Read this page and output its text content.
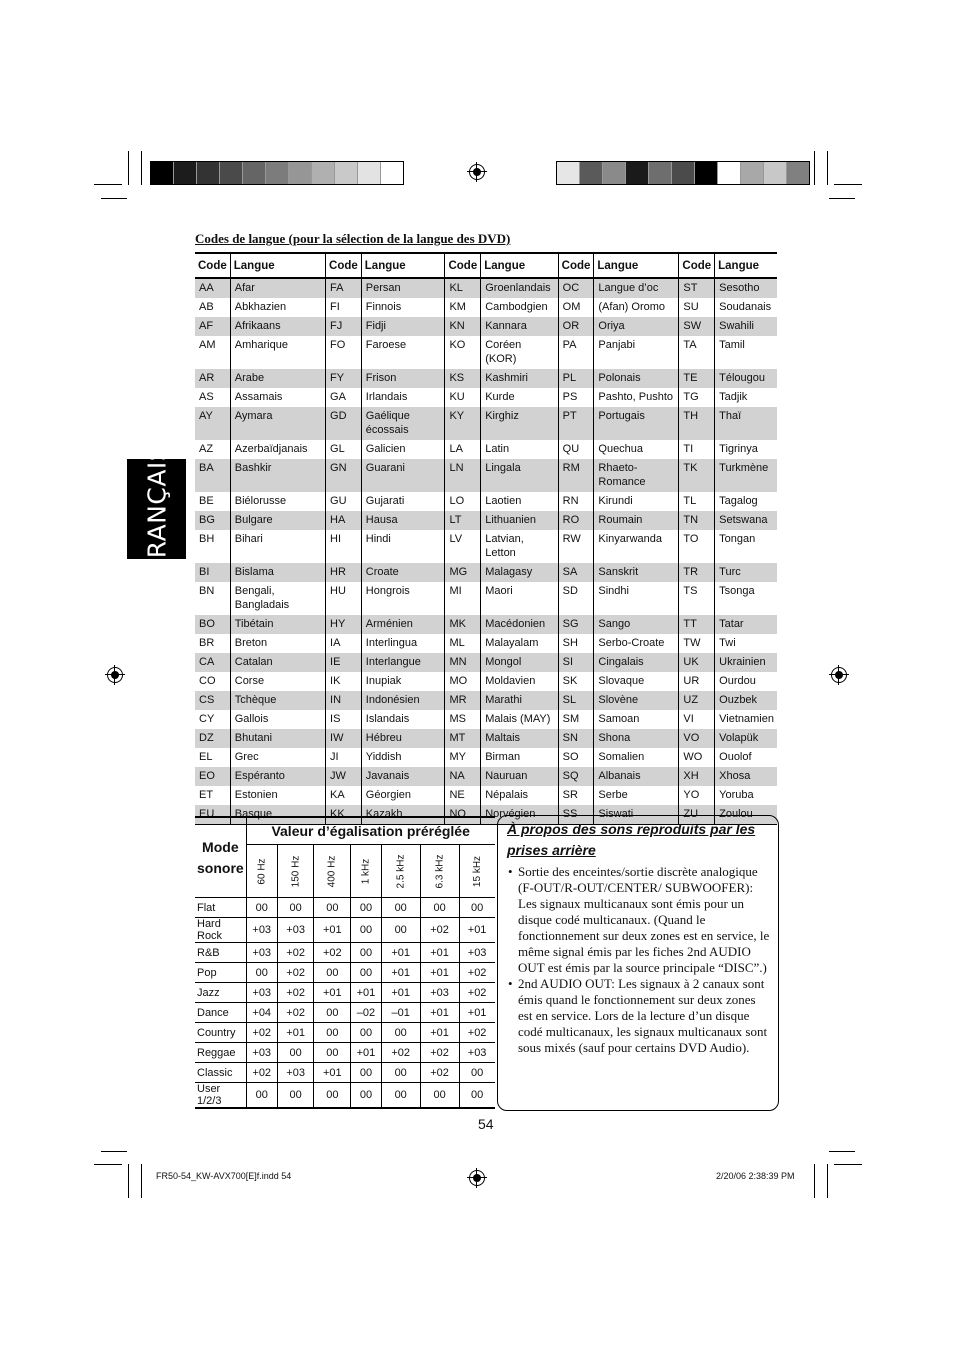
FRANÇAIS
Codes de langue (pour la sélection de la langue des DVD)
Code	Langue	Code	Langue	Code	Langue	Code	Langue	Code	Langue
AA	Afar	FA	Persan	KL	Groenlandais	OC	Langue d’oc	ST	Sesotho
AB	Abkhazien	FI	Finnois	KM	Cambodgien	OM	(Afan) Oromo	SU	Soudanais
AF	Afrikaans	FJ	Fidji	KN	Kannara	OR	Oriya	SW	Swahili
AM	Amharique	FO	Faroese	KO	Coréen (KOR)	PA	Panjabi	TA	Tamil
AR	Arabe	FY	Frison	KS	Kashmiri	PL	Polonais	TE	Télougou
AS	Assamais	GA	Irlandais	KU	Kurde	PS	Pashto, Pushto	TG	Tadjik
AY	Aymara	GD	Gaélique écossais	KY	Kirghiz	PT	Portugais	TH	Thaï
AZ	Azerbaïdjanais	GL	Galicien	LA	Latin	QU	Quechua	TI	Tigrinya
BA	Bashkir	GN	Guarani	LN	Lingala	RM	Rhaeto-Romance	TK	Turkmène
BE	Biélorusse	GU	Gujarati	LO	Laotien	RN	Kirundi	TL	Tagalog
BG	Bulgare	HA	Hausa	LT	Lithuanien	RO	Roumain	TN	Setswana
BH	Bihari	HI	Hindi	LV	Latvian, Letton	RW	Kinyarwanda	TO	Tongan
BI	Bislama	HR	Croate	MG	Malagasy	SA	Sanskrit	TR	Turc
BN	Bengali, Bangladais	HU	Hongrois	MI	Maori	SD	Sindhi	TS	Tsonga
BO	Tibétain	HY	Arménien	MK	Macédonien	SG	Sango	TT	Tatar
BR	Breton	IA	Interlingua	ML	Malayalam	SH	Serbo-Croate	TW	Twi
CA	Catalan	IE	Interlangue	MN	Mongol	SI	Cingalais	UK	Ukrainien
CO	Corse	IK	Inupiak	MO	Moldavien	SK	Slovaque	UR	Ourdou
CS	Tchèque	IN	Indonésien	MR	Marathi	SL	Slovène	UZ	Ouzbek
CY	Gallois	IS	Islandais	MS	Malais (MAY)	SM	Samoan	VI	Vietnamien
DZ	Bhutani	IW	Hébreu	MT	Maltais	SN	Shona	VO	Volapük
EL	Grec	JI	Yiddish	MY	Birman	SO	Somalien	WO	Ouolof
EO	Espéranto	JW	Javanais	NA	Nauruan	SQ	Albanais	XH	Xhosa
ET	Estonien	KA	Géorgien	NE	Népalais	SR	Serbe	YO	Yoruba
EU	Basque	KK	Kazakh	NO	Norvégien	SS	Siswati	ZU	Zoulou
Mode sonore	Valeur d’égalisation préréglée						
	60 Hz	150 Hz	400 Hz	1 kHz	2.5 kHz	6.3 kHz	15 kHz
Flat	00	00	00	00	00	00	00
Hard Rock	+03	+03	+01	00	00	+02	+01
R&B	+03	+02	+02	00	+01	+01	+03
Pop	00	+02	00	00	+01	+01	+02
Jazz	+03	+02	+01	+01	+01	+03	+02
Dance	+04	+02	00	–02	–01	+01	+01
Country	+02	+01	00	00	00	+01	+02
Reggae	+03	00	00	+01	+02	+02	+03
Classic	+02	+03	+01	00	00	+02	00
User 1/2/3	00	00	00	00	00	00	00
À propos des sons reproduits par les prises arrière
• Sortie des enceintes/sortie discrète analogique (F-OUT/R-OUT/CENTER/ SUBWOOFER): Les signaux multicanaux sont émis pour un disque codé multicanaux. (Quand le fonctionnement sur deux zones est en service, le même signal émis par les fiches 2nd AUDIO OUT est émis par la source principale “DISC”.)
• 2nd AUDIO OUT: Les signaux à 2 canaux sont émis quand le fonctionnement sur deux zones est en service. Lors de la lecture d’un disque codé multicanaux, les signaux multicanaux sont sous mixés (sauf pour certains DVD Audio).
54
FR50-54_KW-AVX700[E]f.indd 54	2/20/06 2:38:39 PM
